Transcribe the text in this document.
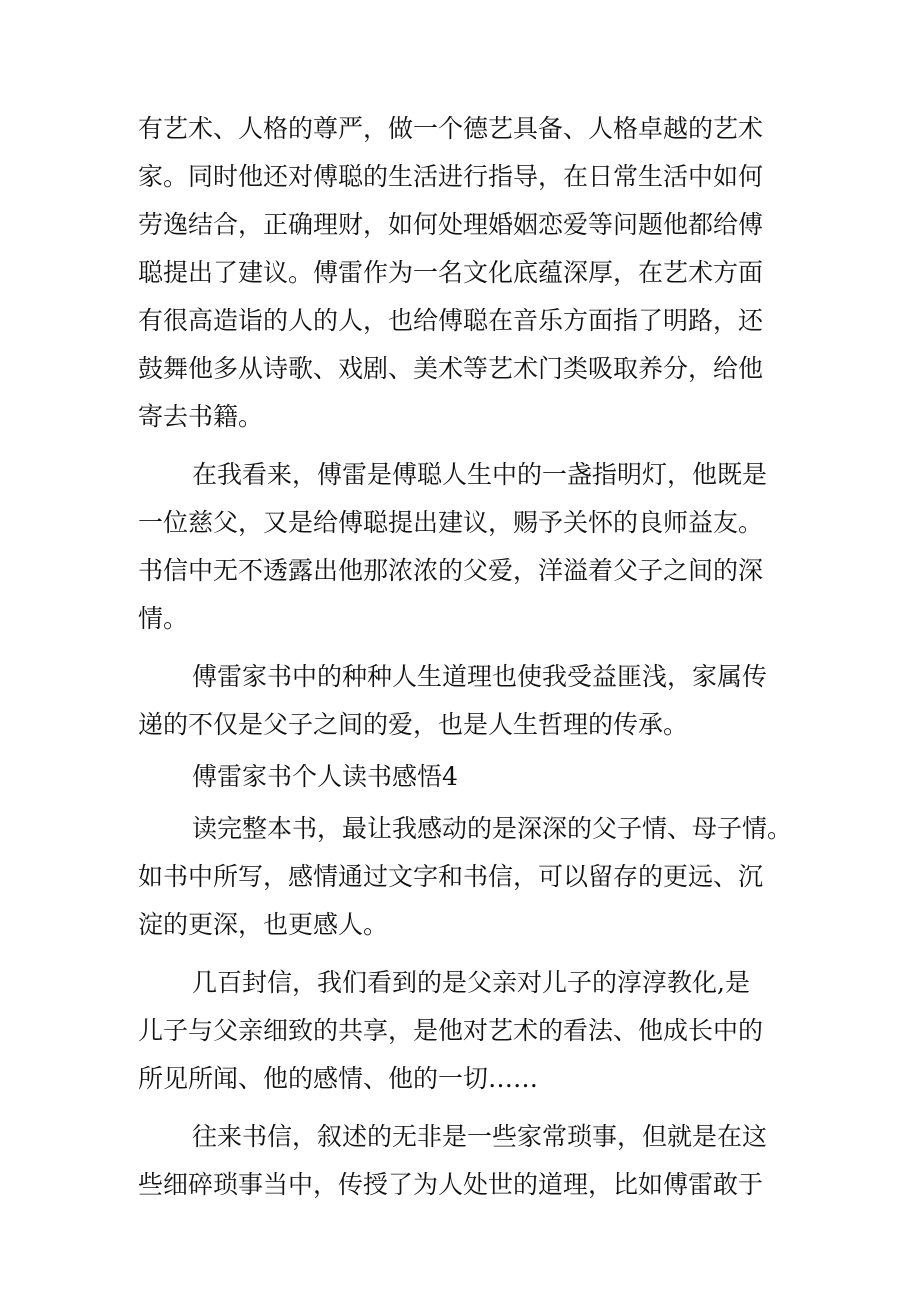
有艺术、人格的尊严，做一个德艺具备、人格卓越的艺术
家。同时他还对傅聪的生活进行指导，在日常生活中如何
劳逸结合，正确理财，如何处理婚姻恋爱等问题他都给傅
聪提出了建议。傅雷作为一名文化底蕴深厚，在艺术方面
有很高造诣的人的人，也给傅聪在音乐方面指了明路，还
鼓舞他多从诗歌、戏剧、美术等艺术门类吸取养分，给他
寄去书籍。

在我看来，傅雷是傅聪人生中的一盏指明灯，他既是
一位慈父，又是给傅聪提出建议，赐予关怀的良师益友。
书信中无不透露出他那浓浓的父爱，洋溢着父子之间的深
情。

傅雷家书中的种种人生道理也使我受益匪浅，家属传
递的不仅是父子之间的爱，也是人生哲理的传承。

傅雷家书个人读书感悟4

读完整本书，最让我感动的是深深的父子情、母子情。
如书中所写，感情通过文字和书信，可以留存的更远、沉
淀的更深，也更感人。

几百封信，我们看到的是父亲对儿子的淳淳教化,是
儿子与父亲细致的共享，是他对艺术的看法、他成长中的
所见所闻、他的感情、他的一切……

往来书信，叙述的无非是一些家常琐事，但就是在这
些细碎琐事当中，传授了为人处世的道理，比如傅雷敢于
